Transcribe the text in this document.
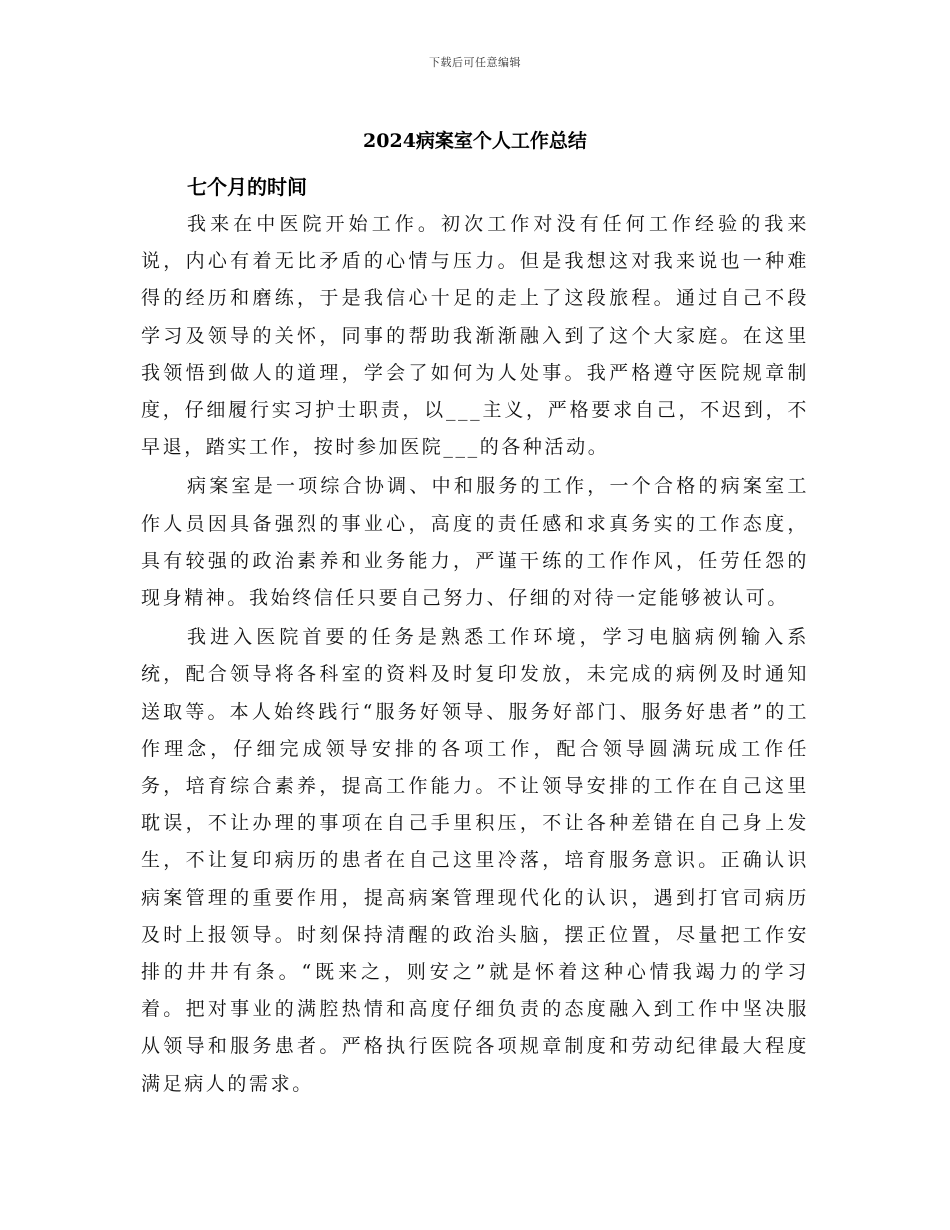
下载后可任意编辑
2024病案室个人工作总结
七个月的时间

我来在中医院开始工作。初次工作对没有任何工作经验的我来说，内心有着无比矛盾的心情与压力。但是我想这对我来说也一种难得的经历和磨练，于是我信心十足的走上了这段旅程。通过自己不段学习及领导的关怀，同事的帮助我渐渐融入到了这个大家庭。在这里我领悟到做人的道理，学会了如何为人处事。我严格遵守医院规章制度，仔细履行实习护士职责，以___主义，严格要求自己，不迟到，不早退，踏实工作，按时参加医院___的各种活动。

病案室是一项综合协调、中和服务的工作，一个合格的病案室工作人员因具备强烈的事业心，高度的责任感和求真务实的工作态度，具有较强的政治素养和业务能力，严谨干练的工作作风，任劳任怨的现身精神。我始终信任只要自己努力、仔细的对待一定能够被认可。

我进入医院首要的任务是熟悉工作环境，学习电脑病例输入系统，配合领导将各科室的资料及时复印发放，未完成的病例及时通知送取等。本人始终践行“服务好领导、服务好部门、服务好患者”的工作理念，仔细完成领导安排的各项工作，配合领导圆满玩成工作任务，培育综合素养，提高工作能力。不让领导安排的工作在自己这里耽误，不让办理的事项在自己手里积压，不让各种差错在自己身上发生，不让复印病历的患者在自己这里冷落，培育服务意识。正确认识病案管理的重要作用，提高病案管理现代化的认识，遇到打官司病历及时上报领导。时刻保持清醒的政治头脑，摆正位置，尽量把工作安排的井井有条。“既来之，则安之”就是怀着这种心情我竭力的学习着。把对事业的满腔热情和高度仔细负责的态度融入到工作中坚决服从领导和服务患者。严格执行医院各项规章制度和劳动纪律最大程度满足病人的需求。
